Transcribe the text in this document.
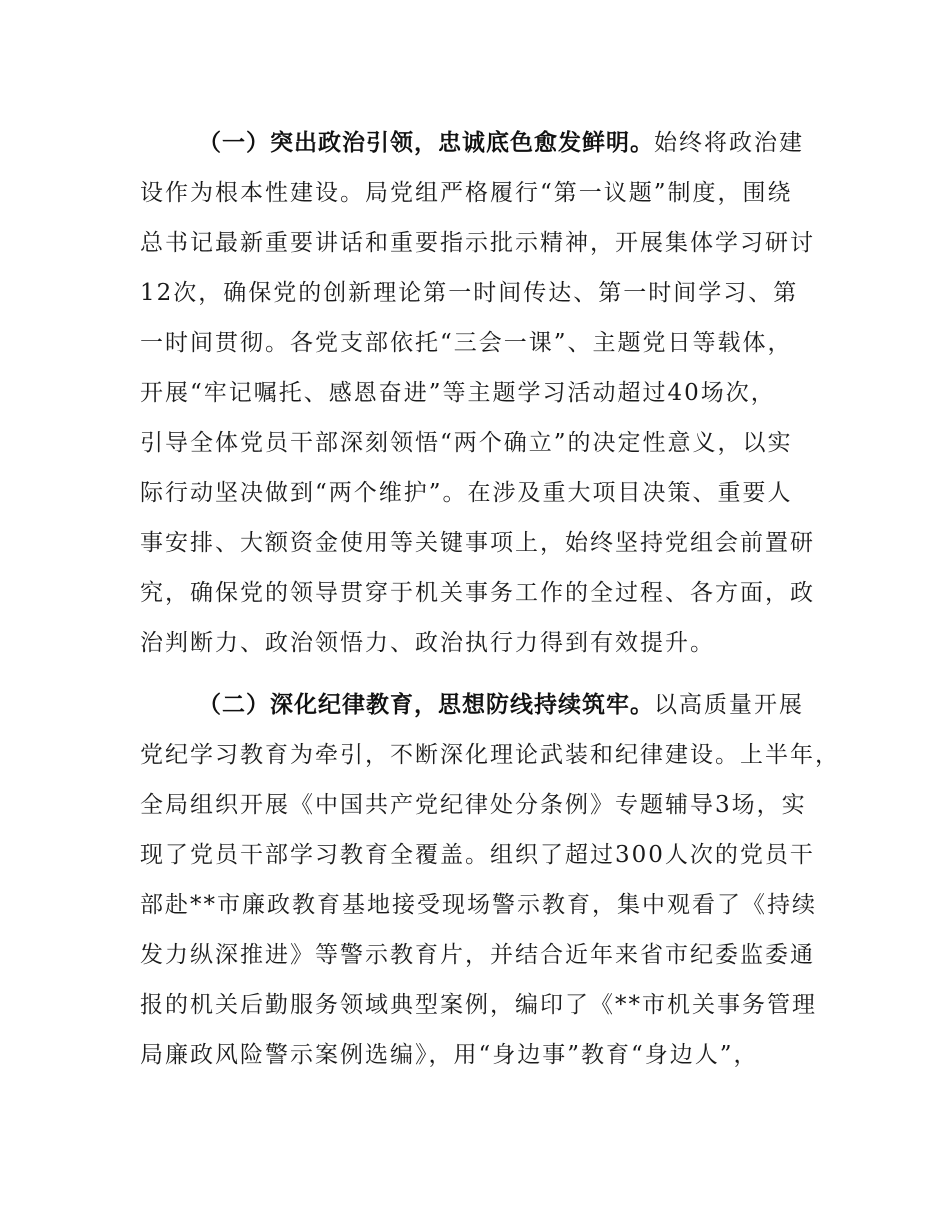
（一）突出政治引领，忠诚底色愈发鲜明。始终将政治建
设作为根本性建设。局党组严格履行“第一议题”制度，围绕
总书记最新重要讲话和重要指示批示精神，开展集体学习研讨
12次，确保党的创新理论第一时间传达、第一时间学习、第
一时间贯彻。各党支部依托“三会一课”、主题党日等载体，
开展“牢记嘱托、感恩奋进”等主题学习活动超过40场次，
引导全体党员干部深刻领悟“两个确立”的决定性意义，以实
际行动坚决做到“两个维护”。在涉及重大项目决策、重要人
事安排、大额资金使用等关键事项上，始终坚持党组会前置研
究，确保党的领导贯穿于机关事务工作的全过程、各方面，政
治判断力、政治领悟力、政治执行力得到有效提升。
（二）深化纪律教育，思想防线持续筑牢。以高质量开展
党纪学习教育为牵引，不断深化理论武装和纪律建设。上半年，
全局组织开展《中国共产党纪律处分条例》专题辅导3场，实
现了党员干部学习教育全覆盖。组织了超过300人次的党员干
部赴**市廉政教育基地接受现场警示教育，集中观看了《持续
发力纵深推进》等警示教育片，并结合近年来省市纪委监委通
报的机关后勤服务领域典型案例，编印了《**市机关事务管理
局廉政风险警示案例选编》，用“身边事”教育“身边人”，
